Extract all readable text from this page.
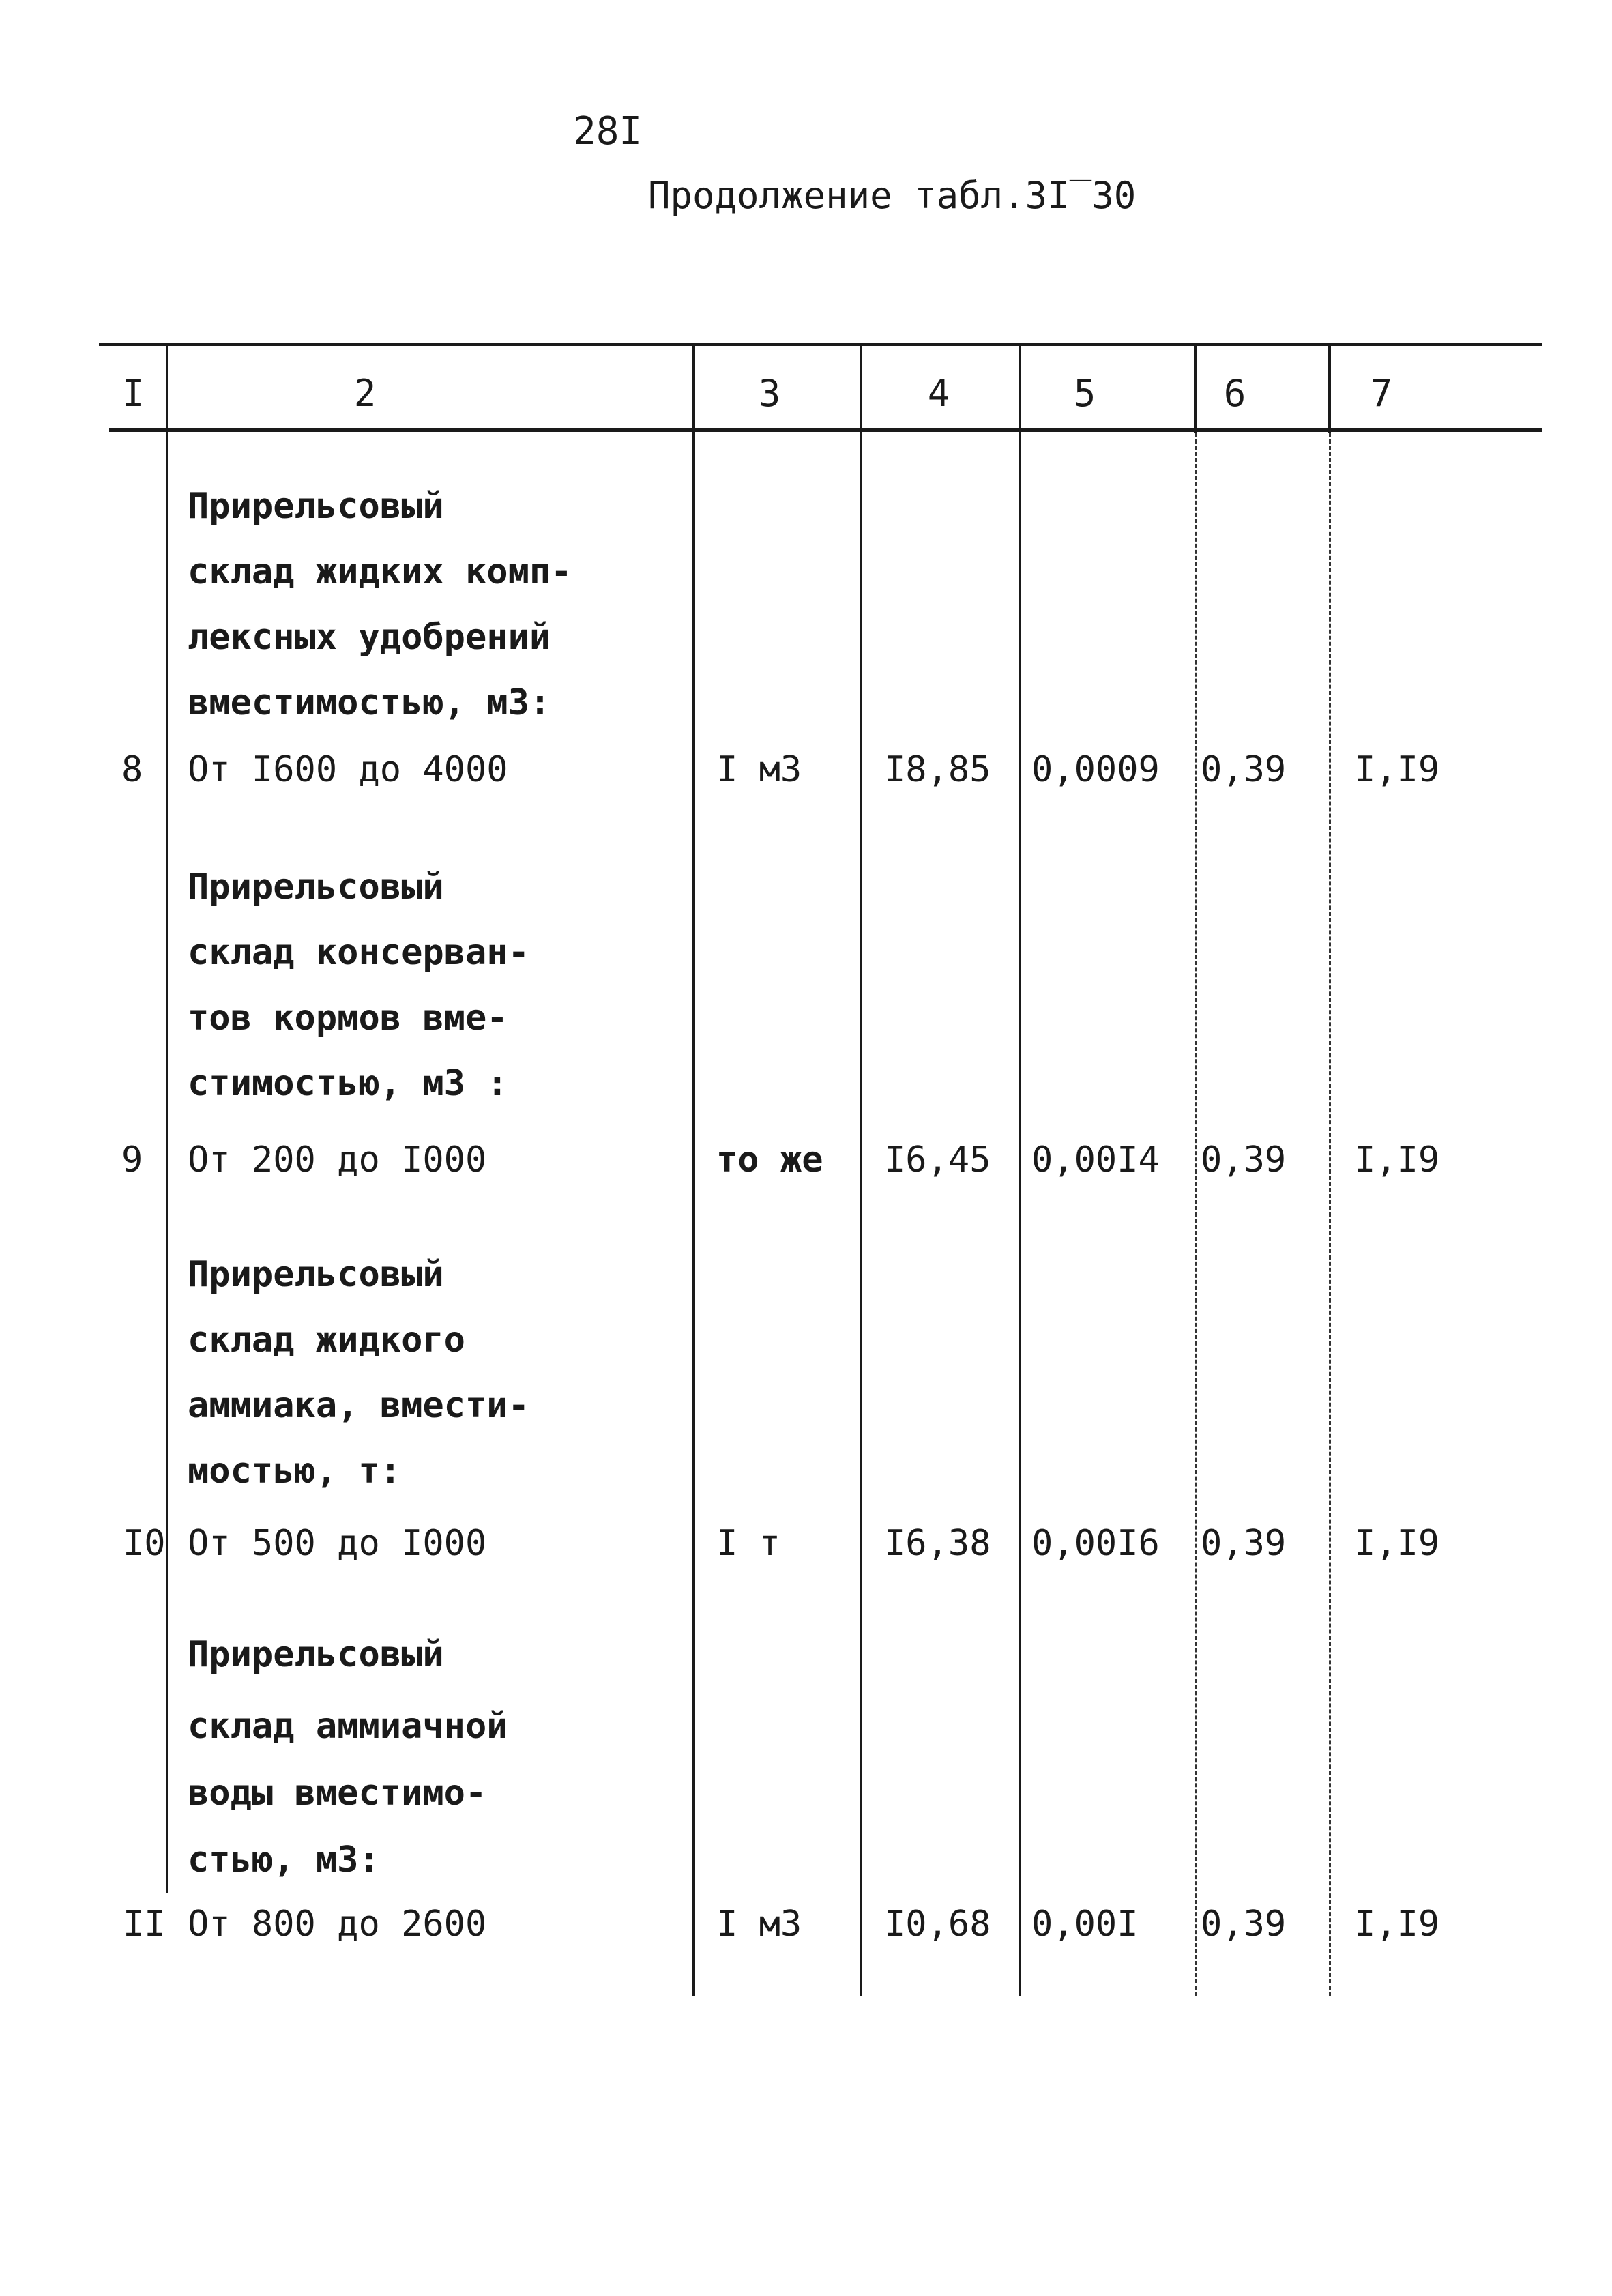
28I
Продолжение табл.3I‾30
I	2	3	4	5	6	7
Прирельсовый
склад жидких комп-
лексных удобрений
вместимостью, м3:
8 От I600 до 4000	I м3 I8,85 0,0009 0,39 I,I9
Прирельсовый
склад консерван-
тов кормов вме-
стимостью, м3 :
9 От 200 до I000	то же I6,45 0,00I4 0,39 I,I9
Прирельсовый
склад жидкого
аммиака, вмести-
мостью, т:
I0 От 500 до I000	I т	I6,38 0,00I6 0,39 I,I9
Прирельсовый
склад аммиачной
воды вместимо-
стью, м3:
II От 800 до 2600	I м3 I0,68 0,00I 0,39 I,I9
